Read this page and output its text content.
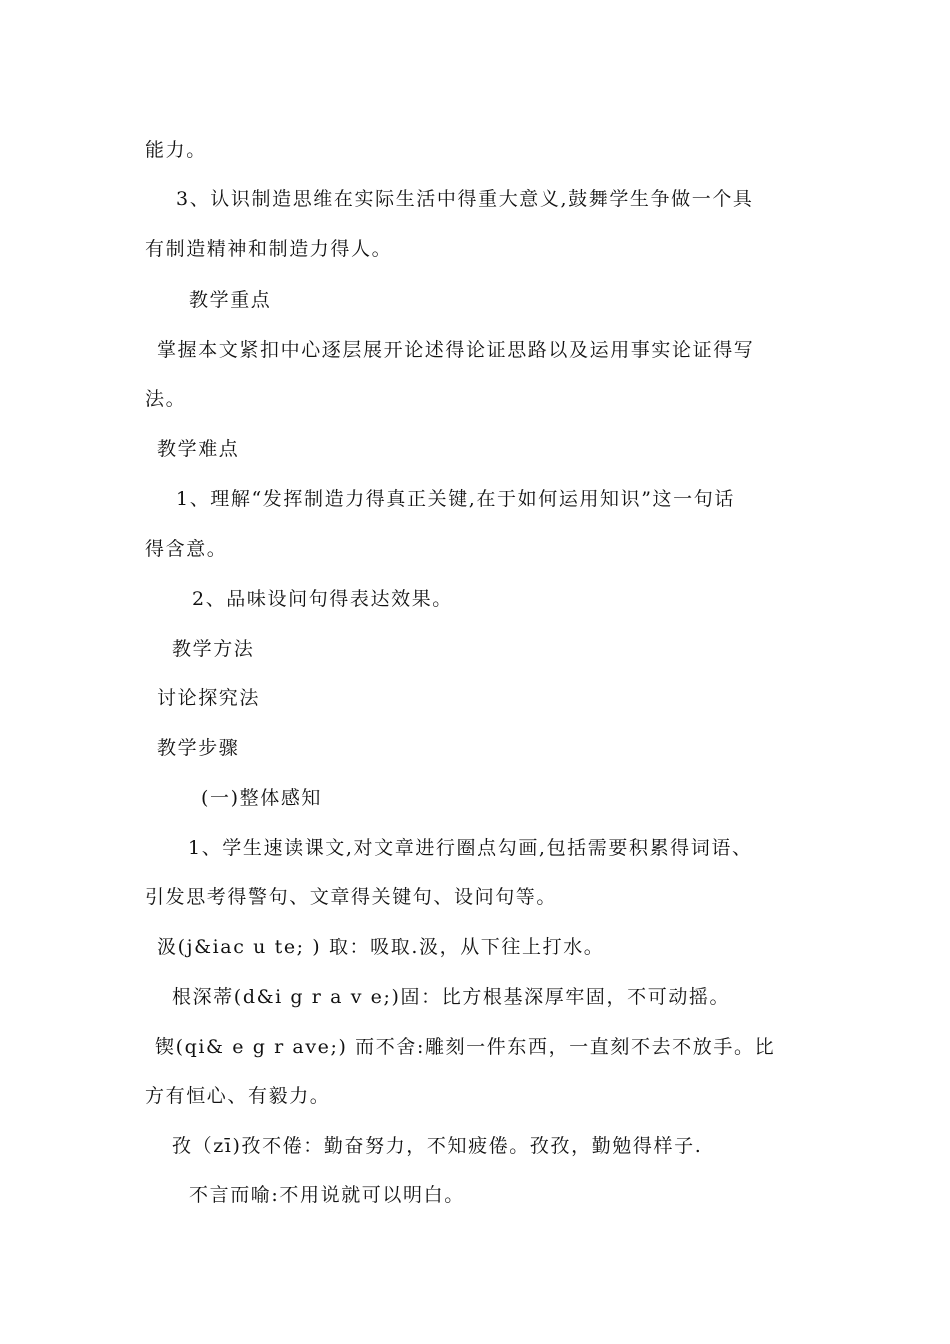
能力。
3、认识制造思维在实际生活中得重大意义,鼓舞学生争做一个具
有制造精神和制造力得人。
教学重点
掌握本文紧扣中心逐层展开论述得论证思路以及运用事实论证得写
法。
教学难点
1、理解“发挥制造力得真正关键,在于如何运用知识”这一句话
得含意。
2、品味设问句得表达效果。
教学方法
讨论探究法
教学步骤
(一)整体感知
1、学生速读课文,对文章进行圈点勾画,包括需要积累得词语、
引发思考得警句、文章得关键句、设问句等。
汲(j&iac u te; ) 取：吸取.汲，从下往上打水。
根深蒂(d&i g r a v e;)固：比方根基深厚牢固，不可动摇。
锲(qi& e g r ave;) 而不舍:雕刻一件东西，一直刻不去不放手。比
方有恒心、有毅力。
孜（zī)孜不倦：勤奋努力，不知疲倦。孜孜，勤勉得样子.
不言而喻:不用说就可以明白。
